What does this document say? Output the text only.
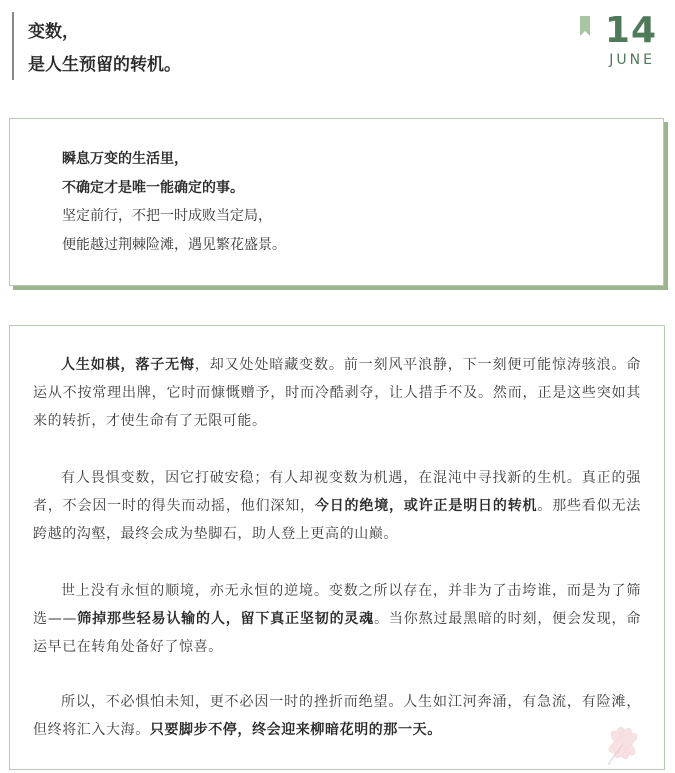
变数，
是人生预留的转机。
14
JUNE
瞬息万变的生活里，
不确定才是唯一能确定的事。
坚定前行，不把一时成败当定局，
便能越过荆棘险滩，遇见繁花盛景。
人生如棋，落子无悔，却又处处暗藏变数。前一刻风平浪静，下一刻便可能惊涛骇浪。命运从不按常理出牌，它时而慷慨赠予，时而冷酷剥夺，让人措手不及。然而，正是这些突如其来的转折，才使生命有了无限可能。
有人畏惧变数，因它打破安稳；有人却视变数为机遇，在混沌中寻找新的生机。真正的强者，不会因一时的得失而动摇，他们深知，今日的绝境，或许正是明日的转机。那些看似无法跨越的沟壑，最终会成为垫脚石，助人登上更高的山巅。
世上没有永恒的顺境，亦无永恒的逆境。变数之所以存在，并非为了击垮谁，而是为了筛选——筛掉那些轻易认输的人，留下真正坚韧的灵魂。当你熬过最黑暗的时刻，便会发现，命运早已在转角处备好了惊喜。
所以，不必惧怕未知，更不必因一时的挫折而绝望。人生如江河奔涌，有急流，有险滩，但终将汇入大海。只要脚步不停，终会迎来柳暗花明的那一天。
